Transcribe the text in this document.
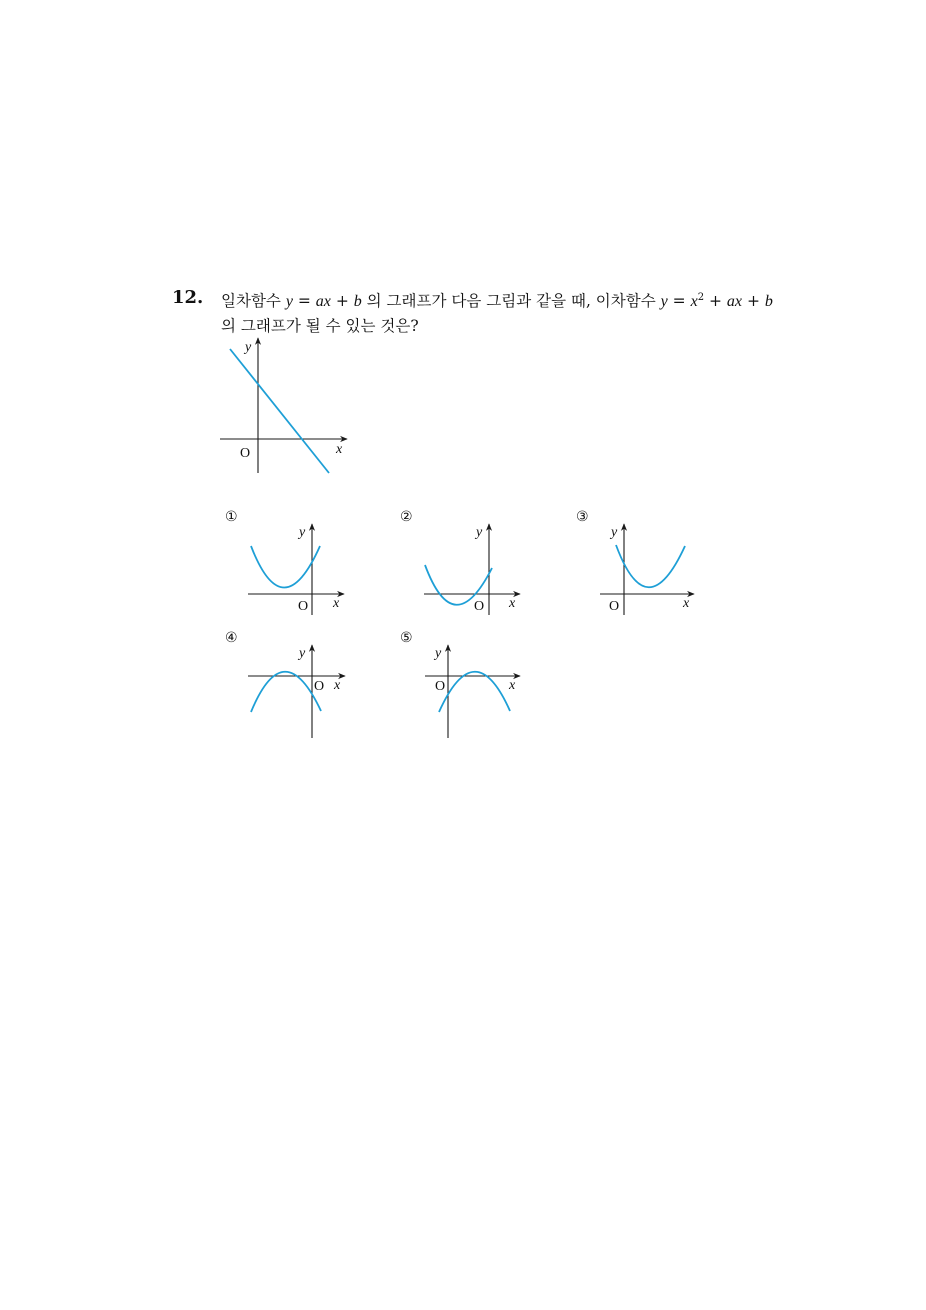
12. 일차함수 y = ax + b 의 그래프가 다음 그림과 같을 때, 이차함수 $y = x^2$ + ax + b
의 그래프가 될 수 있는 것은?
O	x
y
①
O x
y
②
O x
y
③
O	x
y
④
O x
y
⑤
O	x
y
